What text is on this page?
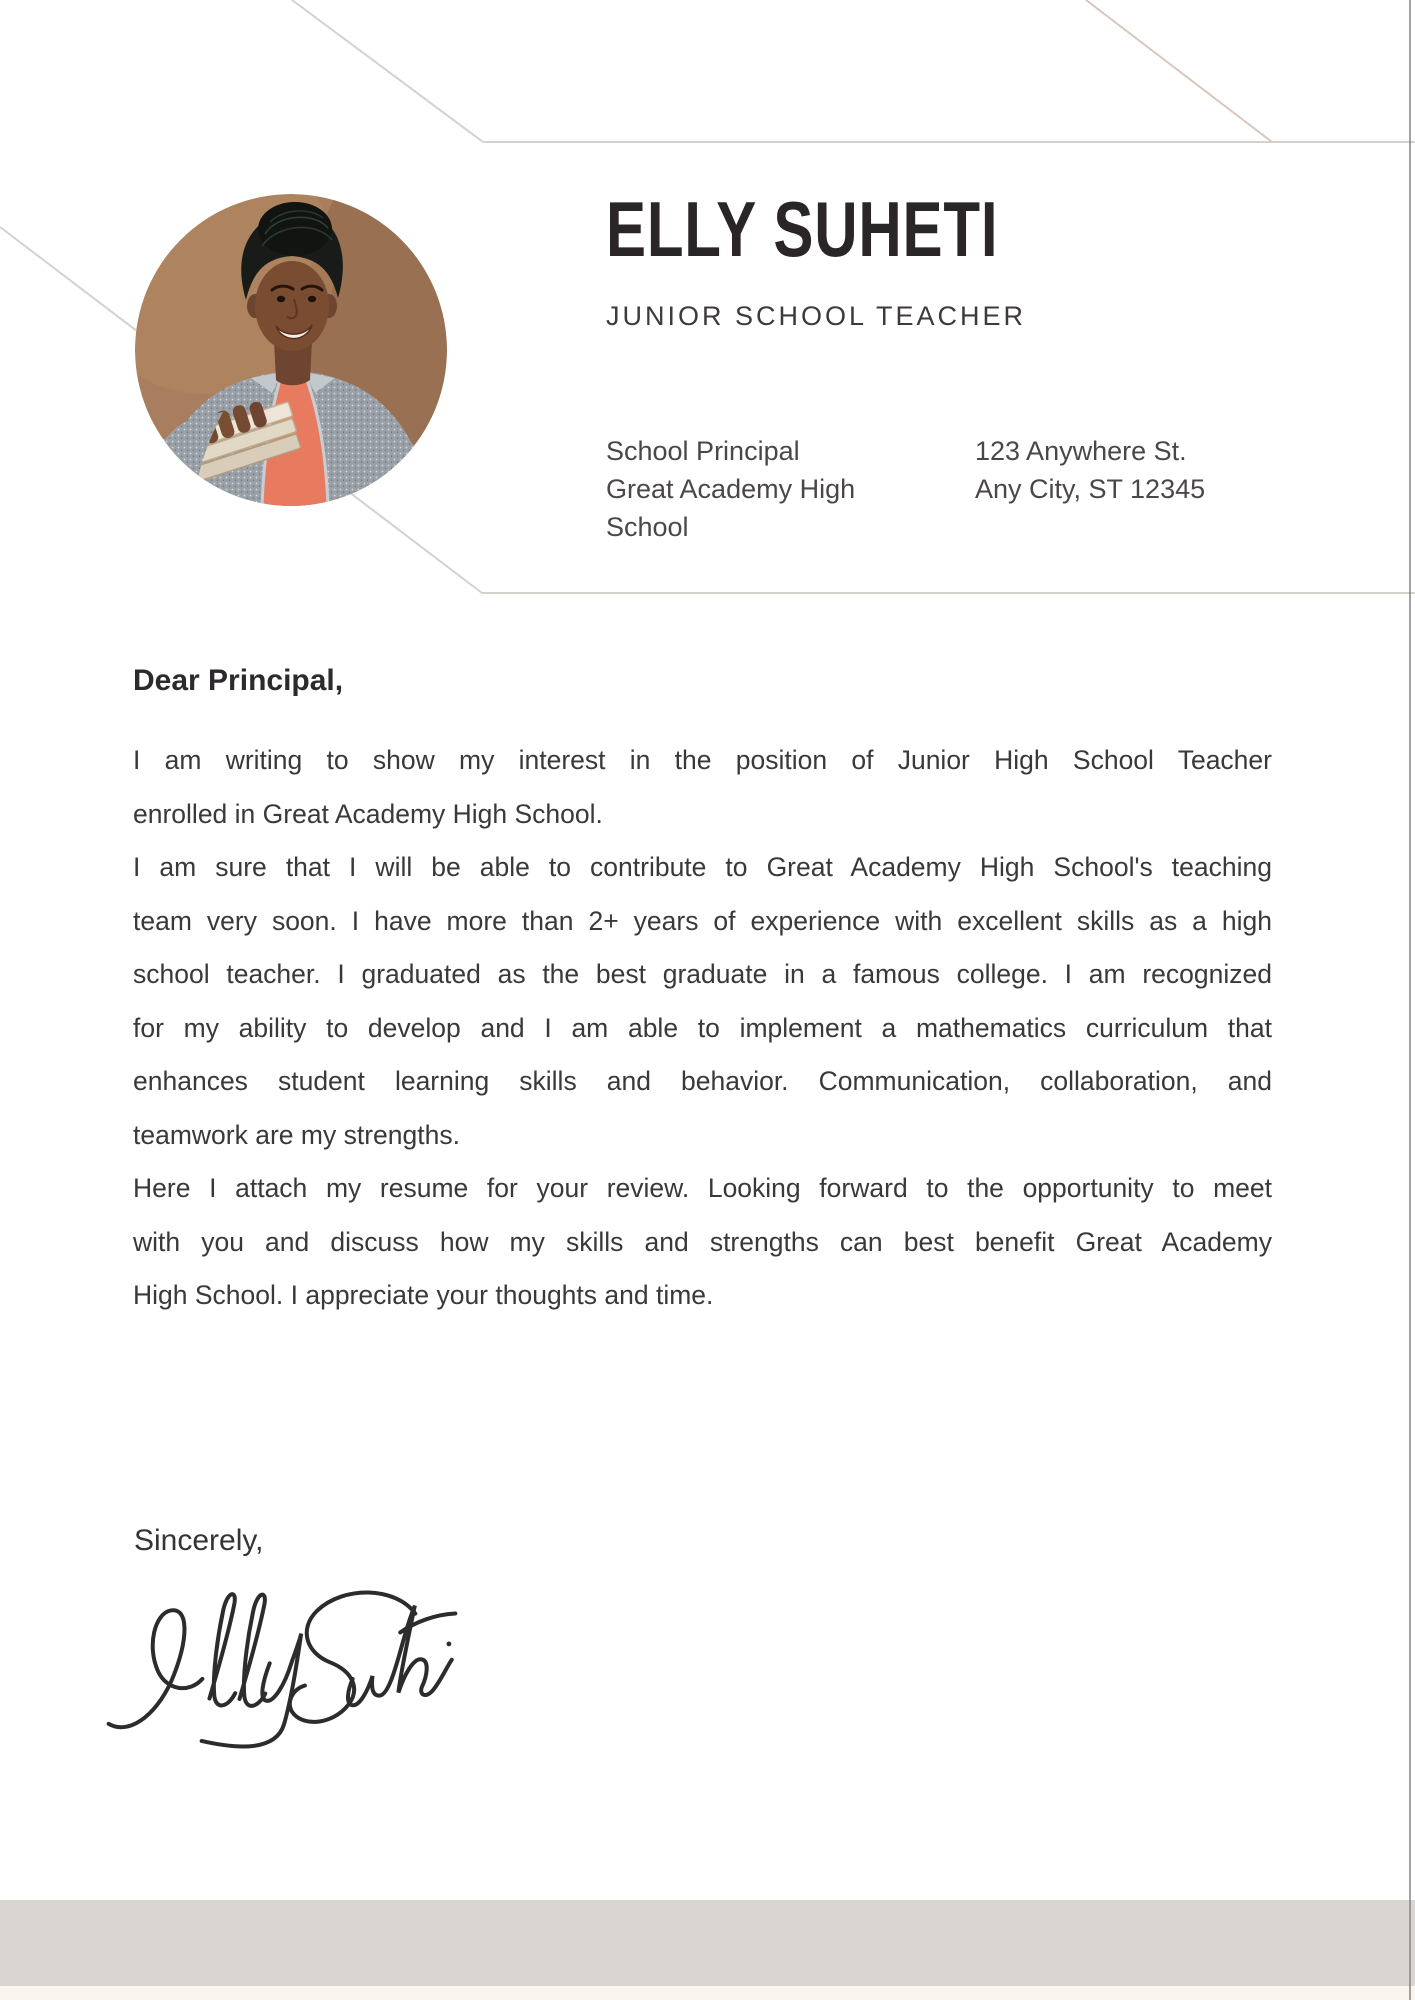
ELLY SUHETI
JUNIOR SCHOOL TEACHER
School Principal
Great Academy High
School
123 Anywhere St.
Any City, ST 12345
Dear Principal,
I am writing to show my interest in the position of Junior High School Teacher
enrolled in Great Academy High School.
I am sure that I will be able to contribute to Great Academy High School's teaching
team very soon. I have more than 2+ years of experience with excellent skills as a high
school teacher. I graduated as the best graduate in a famous college. I am recognized
for my ability to develop and I am able to implement a mathematics curriculum that
enhances student learning skills and behavior. Communication, collaboration, and
teamwork are my strengths.
Here I attach my resume for your review. Looking forward to the opportunity to meet
with you and discuss how my skills and strengths can best benefit Great Academy
High School. I appreciate your thoughts and time.
Sincerely,
